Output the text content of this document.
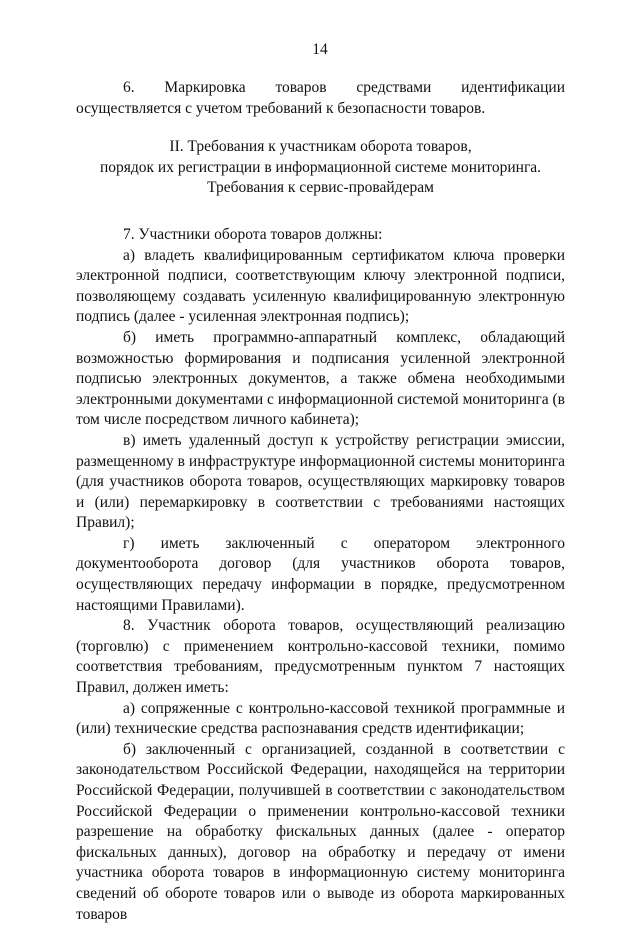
14

6. Маркировка товаров средствами идентификации осуществляется с учетом требований к безопасности товаров.

II. Требования к участникам оборота товаров,
порядок их регистрации в информационной системе мониторинга.
Требования к сервис-провайдерам

7. Участники оборота товаров должны:

а) владеть квалифицированным сертификатом ключа проверки электронной подписи, соответствующим ключу электронной подписи, позволяющему создавать усиленную квалифицированную электронную подпись (далее - усиленная электронная подпись);

б) иметь программно-аппаратный комплекс, обладающий возможностью формирования и подписания усиленной электронной подписью электронных документов, а также обмена необходимыми электронными документами с информационной системой мониторинга (в том числе посредством личного кабинета);

в) иметь удаленный доступ к устройству регистрации эмиссии, размещенному в инфраструктуре информационной системы мониторинга (для участников оборота товаров, осуществляющих маркировку товаров и (или) перемаркировку в соответствии с требованиями настоящих Правил);

г) иметь заключенный с оператором электронного документооборота договор (для участников оборота товаров, осуществляющих передачу информации в порядке, предусмотренном настоящими Правилами).

8. Участник оборота товаров, осуществляющий реализацию (торговлю) с применением контрольно-кассовой техники, помимо соответствия требованиям, предусмотренным пунктом 7 настоящих Правил, должен иметь:

а) сопряженные с контрольно-кассовой техникой программные и (или) технические средства распознавания средств идентификации;

б) заключенный с организацией, созданной в соответствии с законодательством Российской Федерации, находящейся на территории Российской Федерации, получившей в соответствии с законодательством Российской Федерации о применении контрольно-кассовой техники разрешение на обработку фискальных данных (далее - оператор фискальных данных), договор на обработку и передачу от имени участника оборота товаров в информационную систему мониторинга сведений об обороте товаров или о выводе из оборота маркированных товаров
